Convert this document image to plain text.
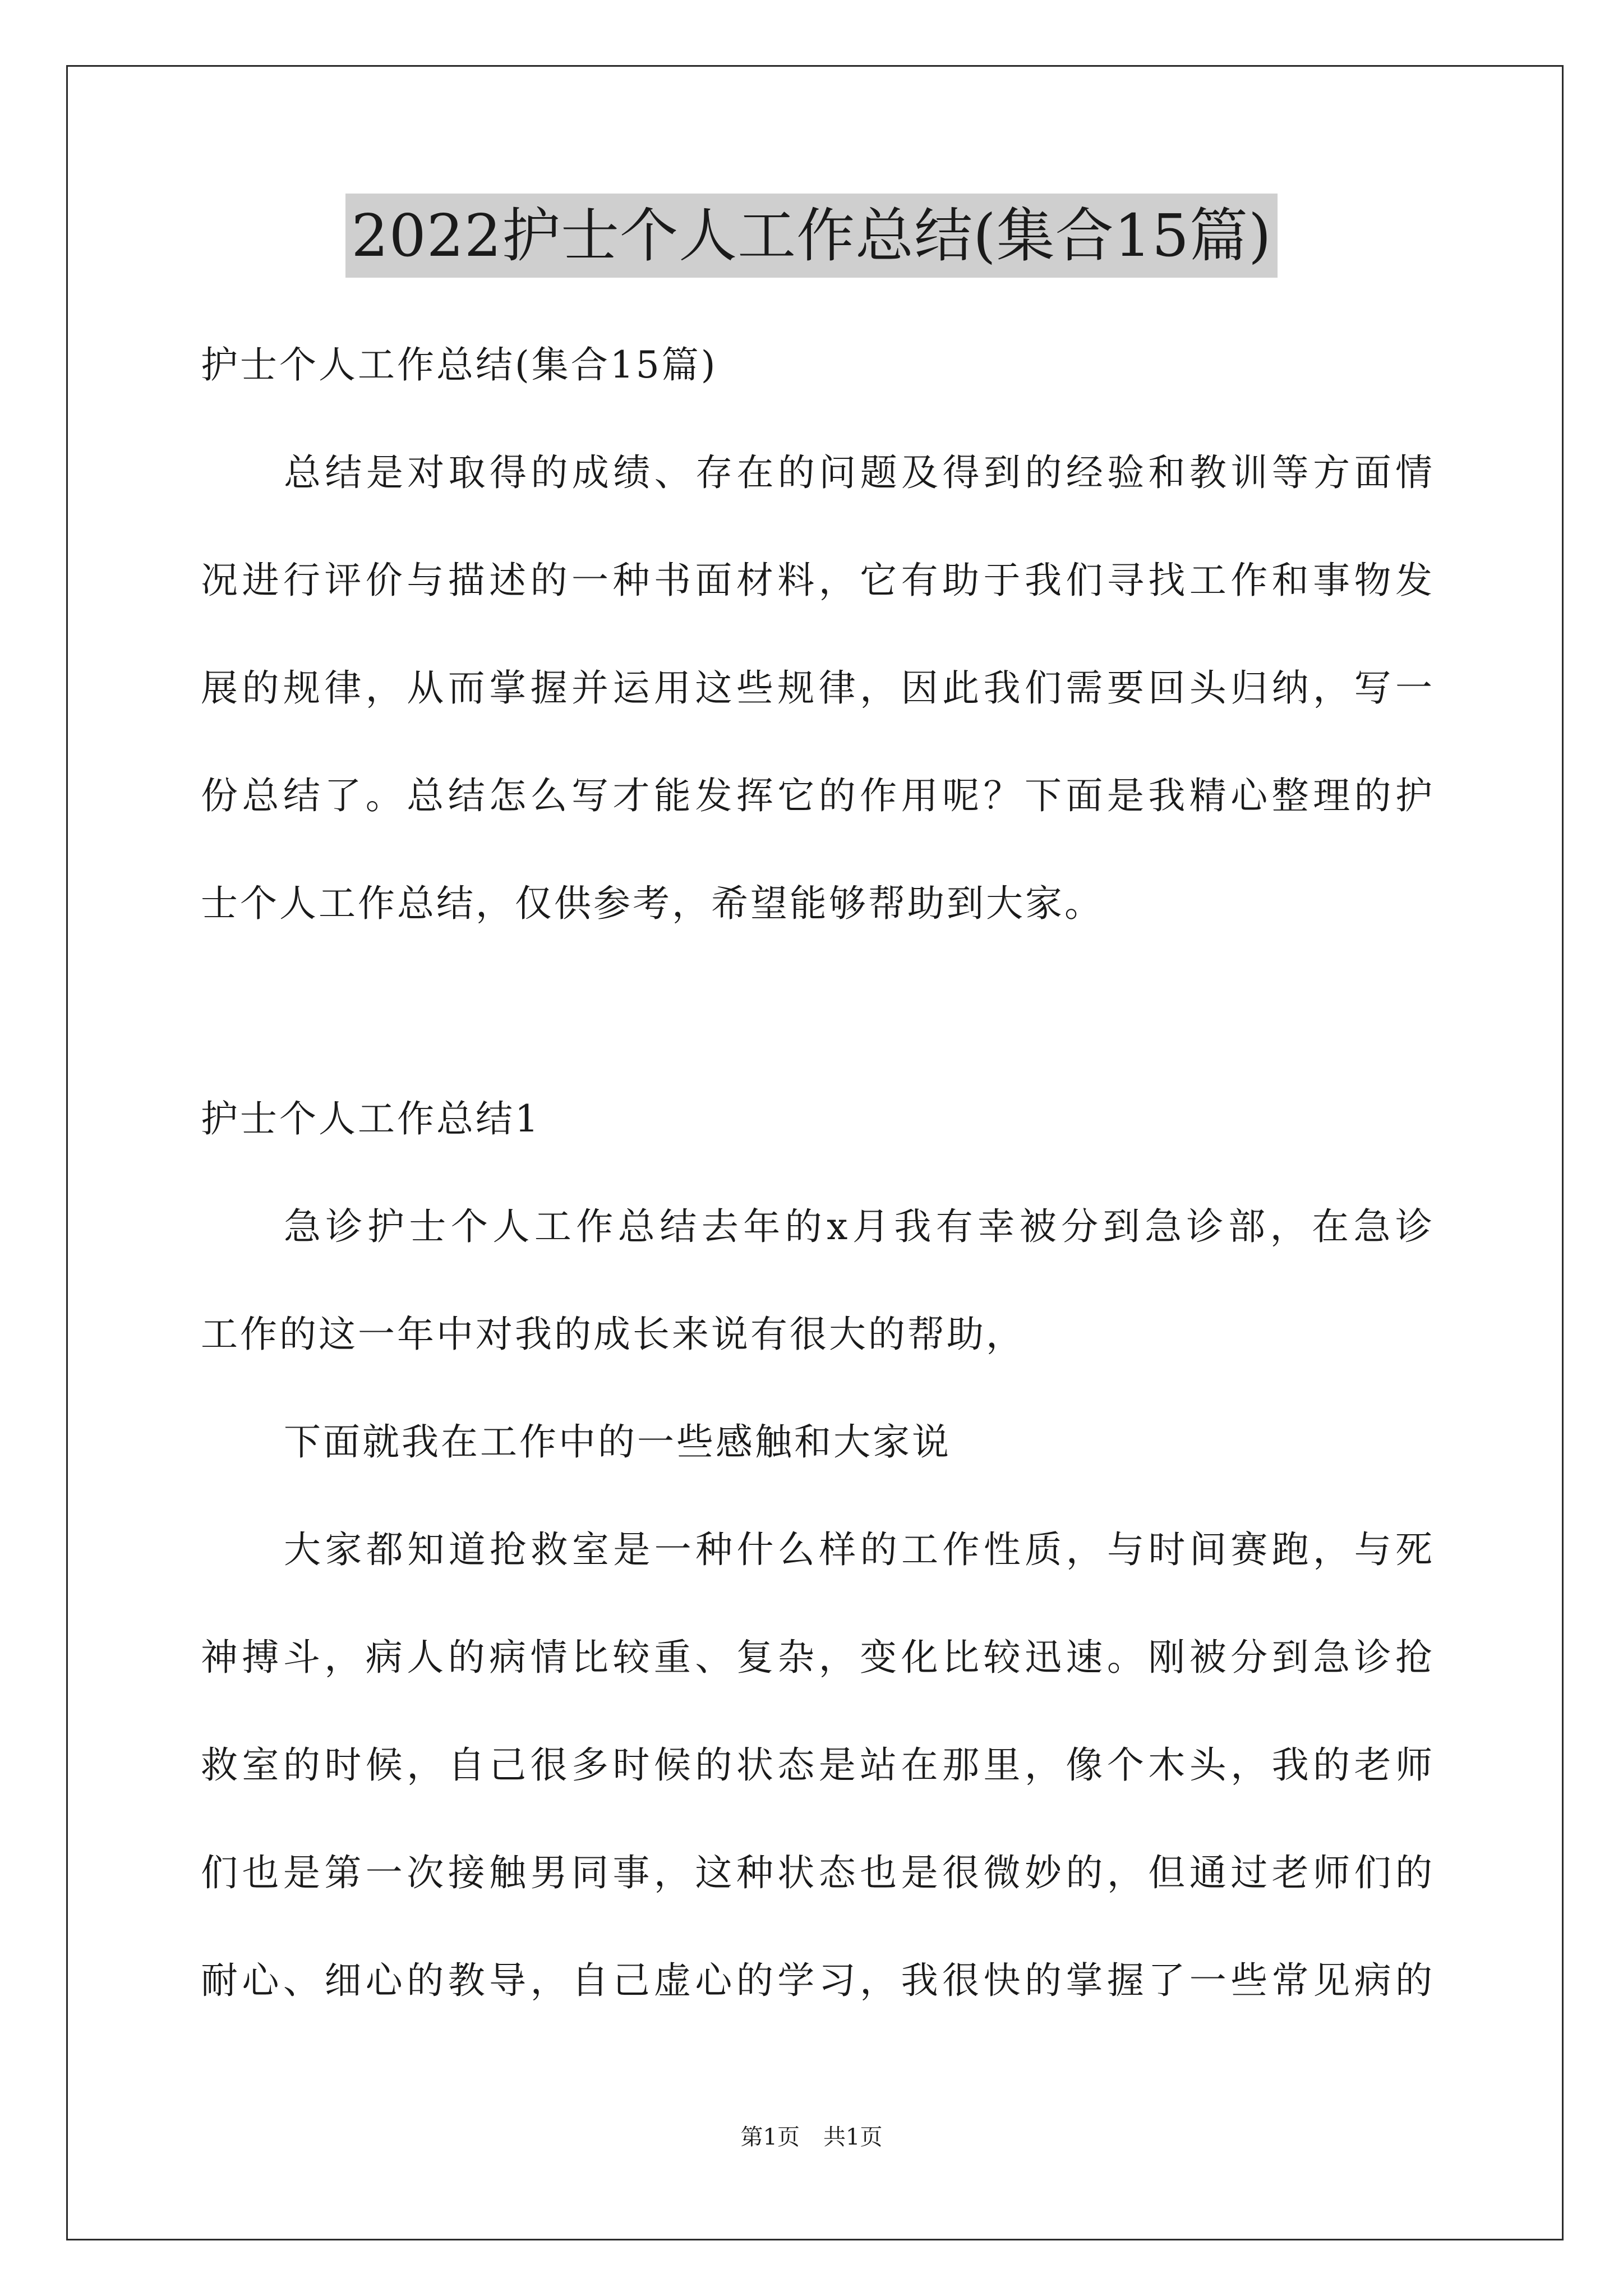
2022护士个人工作总结(集合15篇)
护士个人工作总结(集合15篇)
总结是对取得的成绩、存在的问题及得到的经验和教训等方面情
况进行评价与描述的一种书面材料，它有助于我们寻找工作和事物发
展的规律，从而掌握并运用这些规律，因此我们需要回头归纳，写一
份总结了。总结怎么写才能发挥它的作用呢？下面是我精心整理的护
士个人工作总结，仅供参考，希望能够帮助到大家。
护士个人工作总结1
急诊护士个人工作总结去年的x月我有幸被分到急诊部，在急诊
工作的这一年中对我的成长来说有很大的帮助，
下面就我在工作中的一些感触和大家说
大家都知道抢救室是一种什么样的工作性质，与时间赛跑，与死
神搏斗，病人的病情比较重、复杂，变化比较迅速。刚被分到急诊抢
救室的时候，自己很多时候的状态是站在那里，像个木头，我的老师
们也是第一次接触男同事，这种状态也是很微妙的，但通过老师们的
耐心、细心的教导，自己虚心的学习，我很快的掌握了一些常见病的
第1页 共1页
